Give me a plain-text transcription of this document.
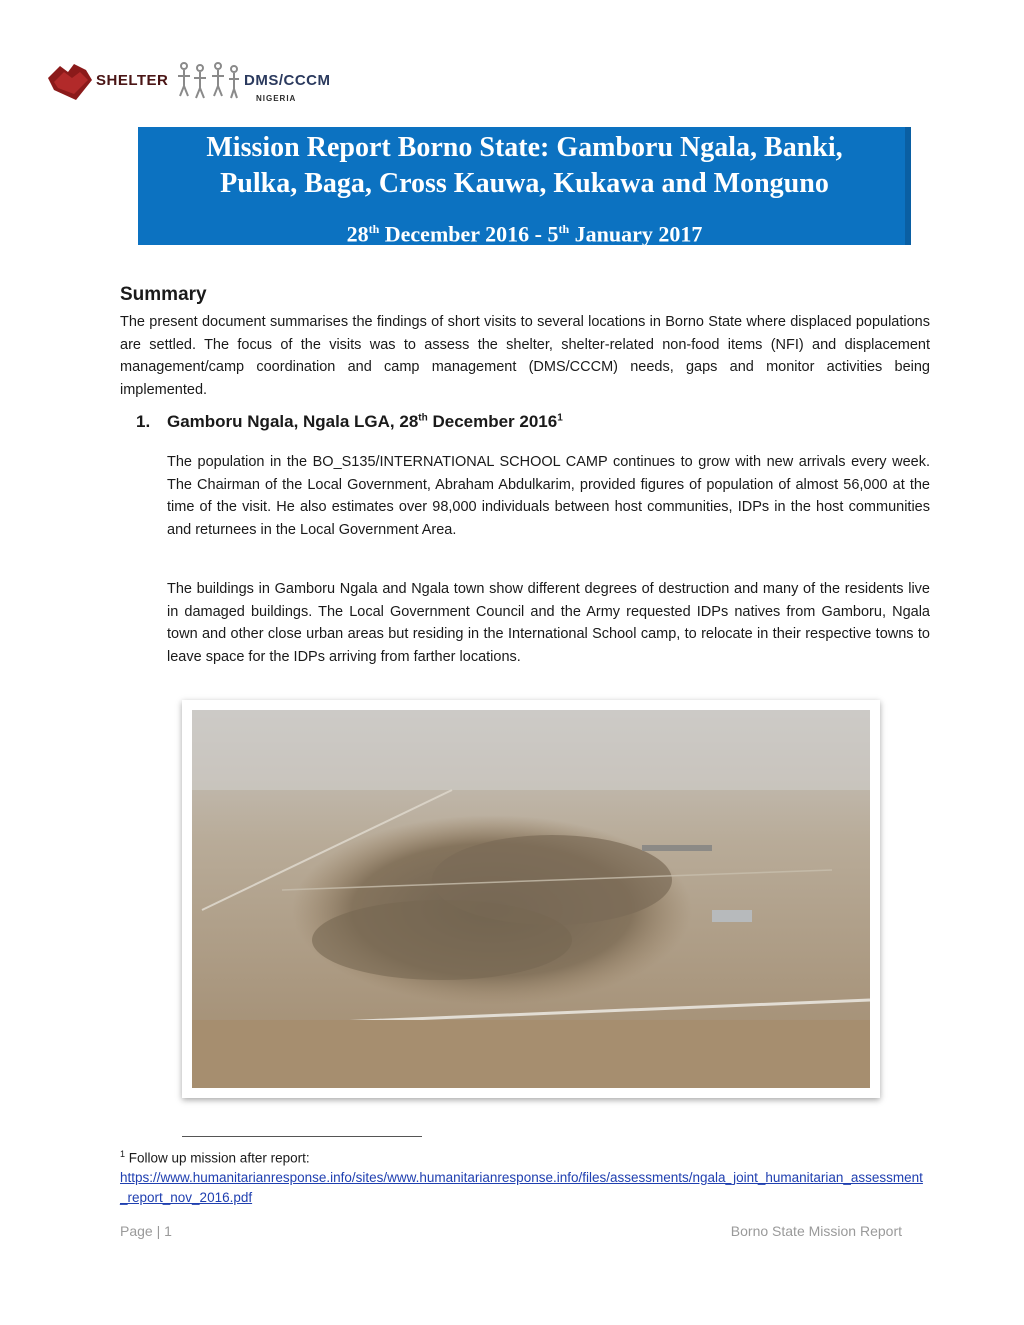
SHELTER	DMS/CCCM
NIGERIA
Mission Report Borno State: Gamboru Ngala, Banki,
Pulka, Baga, Cross Kauwa, Kukawa and Monguno
28th December 2016 - 5th January 2017
Summary

The present document summarises the findings of short visits to several locations in Borno State where displaced populations are settled. The focus of the visits was to assess the shelter, shelter-related non-food items (NFI) and displacement management/camp coordination and camp management (DMS/CCCM) needs, gaps and monitor activities being implemented.

1. Gamboru Ngala, Ngala LGA, 28th December 2016$^1$

The population in the BO_S135/INTERNATIONAL SCHOOL CAMP continues to grow with new arrivals every week. The Chairman of the Local Government, Abraham Abdulkarim, provided figures of population of almost 56,000 at the time of the visit. He also estimates over 98,000 individuals between host communities, IDPs in the host communities and returnees in the Local Government Area.

The buildings in Gamboru Ngala and Ngala town show different degrees of destruction and many of the residents live in damaged buildings. The Local Government Council and the Army requested IDPs natives from Gamboru, Ngala town and other close urban areas but residing in the International School camp, to relocate in their respective towns to leave space for the IDPs arriving from farther locations.

$^1$ Follow up mission after report:
https://www.humanitarianresponse.info/sites/www.humanitarianresponse.info/files/assessments/ngala_joint_humanitarian_assessment_report_nov_2016.pdf
Page | 1	Borno State Mission Report
